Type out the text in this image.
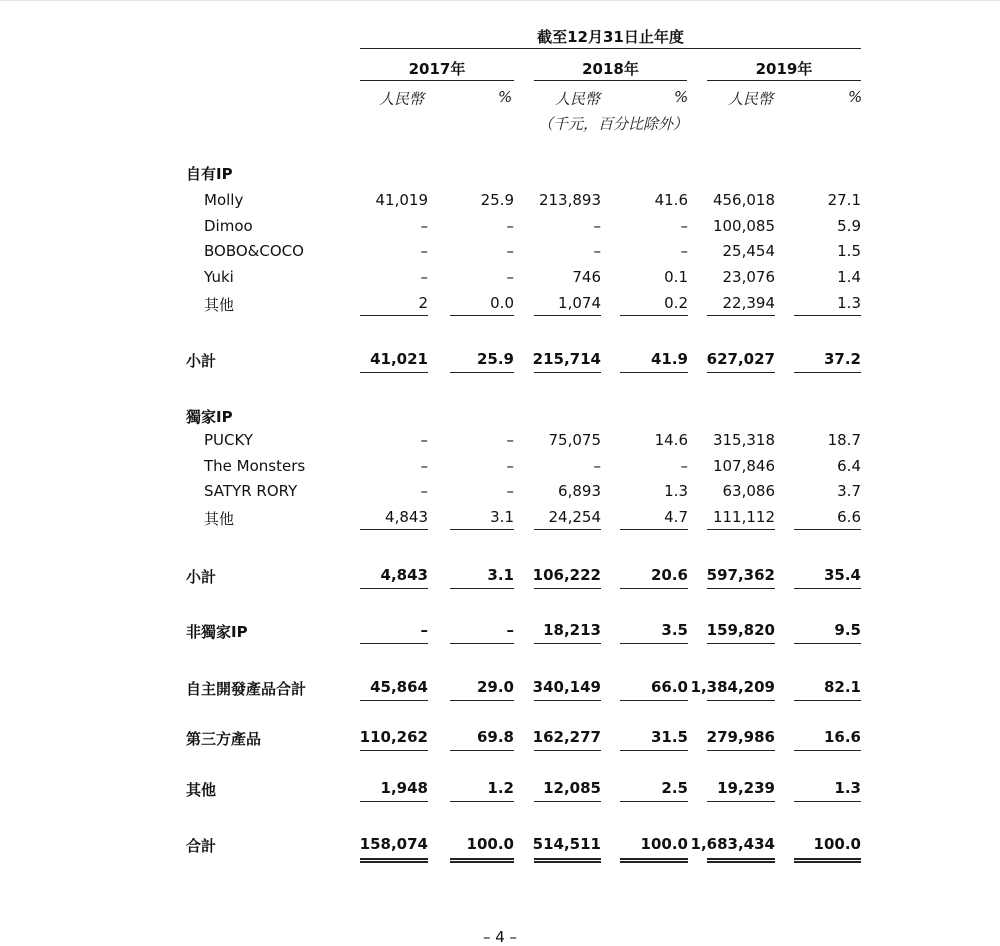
截至12月31日止年度
2017年	2018年	2019年
人民幣	%	人民幣	%	人民幣	%
（千元，百分比除外）
自有IP
Molly	41,019	25.9	213,893	41.6	456,018	27.1
Dimoo	–	–	–	–	100,085	5.9
BOBO&COCO	–	–	–	–	25,454	1.5
Yuki	–	–	746	0.1	23,076	1.4
其他	2	0.0	1,074	0.2	22,394	1.3
小計	41,021	25.9	215,714	41.9	627,027	37.2
獨家IP
PUCKY	–	–	75,075	14.6	315,318	18.7
The Monsters	–	–	–	–	107,846	6.4
SATYR RORY	–	–	6,893	1.3	63,086	3.7
其他	4,843	3.1	24,254	4.7	111,112	6.6
小計	4,843	3.1	106,222	20.6	597,362	35.4
非獨家IP	–	–	18,213	3.5	159,820	9.5
自主開發產品合計	45,864	29.0	340,149	66.0 1,384,209	82.1
第三方產品	110,262	69.8	162,277	31.5	279,986	16.6
其他	1,948	1.2	12,085	2.5	19,239	1.3
合計	158,074	100.0	514,511	100.0 1,683,434	100.0
– 4 –
